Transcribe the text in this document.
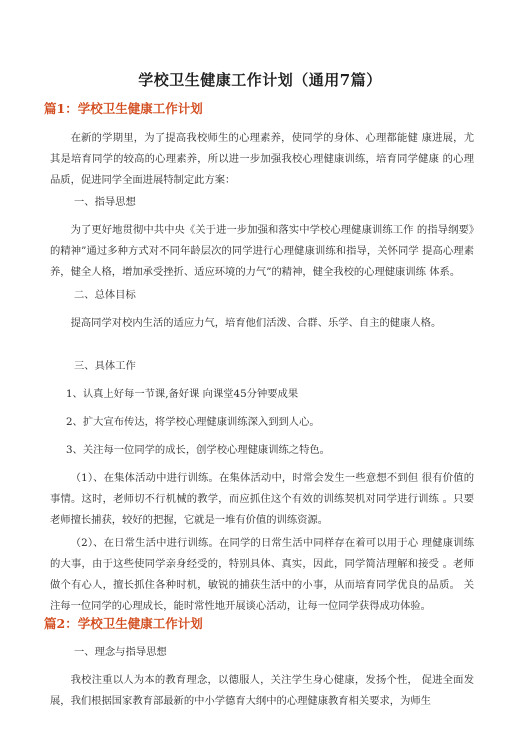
学校卫生健康工作计划（通用7篇）
篇1：学校卫生健康工作计划
在新的学期里，为了提高我校师生的心理素养，使同学的身体、心理都能健 康进展，尤其是培育同学的较高的心理素养，所以进一步加强我校心理健康训练，培育同学健康 的心理品质，促进同学全面进展特制定此方案：
一、指导思想
为了更好地贯彻中共中央《关于进一步加强和落实中学校心理健康训练工作 的指导纲要》的精神”通过多种方式对不同年龄层次的同学进行心理健康训练和指导，关怀同学 提高心理素养，健全人格，增加承受挫折、适应环境的力气”的精神，健全我校的心理健康训练 体系。
二、总体目标
提高同学对校内生活的适应力气，培育他们活泼、合群、乐学、自主的健康人格。
三、具体工作
1、认真上好每一节课,备好课 向课堂45分钟要成果
2、扩大宣布传达，将学校心理健康训练深入到到人心。
3、关注每一位同学的成长，创学校心理健康训练之特色。
（1）、在集体活动中进行训练。在集体活动中，时常会发生一些意想不到但 很有价值的事情。这时，老师切不行机械的教学，而应抓住这个有效的训练契机对同学进行训练 。只要老师擅长捕获，较好的把握，它就是一堆有价值的训练资源。
（2）、在日常生活中进行训练。在同学的日常生活中同样存在着可以用于心 理健康训练的大事，由于这些使同学亲身经受的，特别具体、真实，因此，同学简洁理解和接受 。老师做个有心人，擅长抓住各种时机，敏锐的捕获生活中的小事，从而培育同学优良的品质。 关注每一位同学的心理成长，能时常性地开展谈心活动，让每一位同学获得成功体验。
篇2：学校卫生健康工作计划
一、理念与指导思想
我校注重以人为本的教育理念，以德服人，关注学生身心健康，发扬个性， 促进全面发展，我们根据国家教育部最新的中小学德育大纲中的心理健康教育相关要求，为师生
